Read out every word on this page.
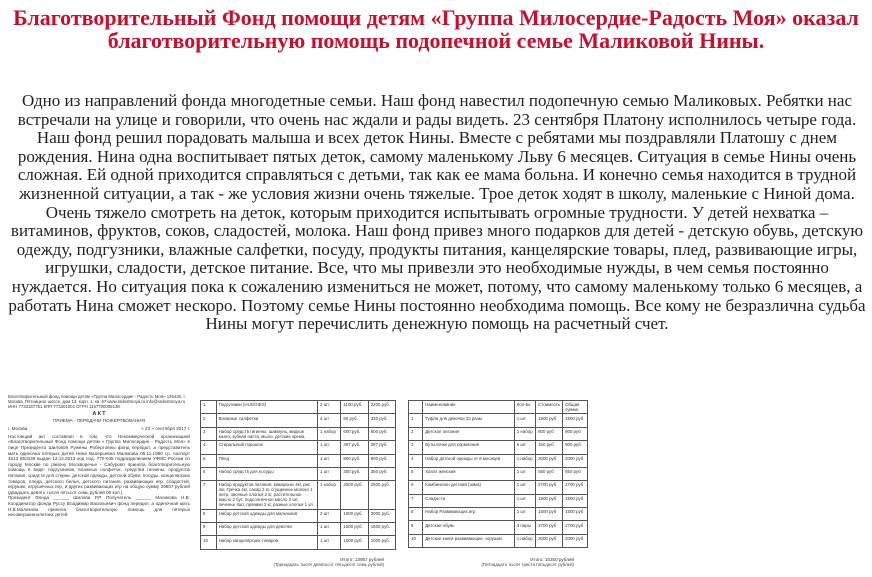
Благотворительный Фонд помощи детям «Группа Милосердие-Радость Моя» оказал благотворительную помощь подопечной семье Маликовой Нины.

Одно из направлений фонда многодетные семьи. Наш фонд навестил подопечную семью Маликовых. Ребятки нас встречали на улице и говорили, что очень нас ждали и рады видеть. 23 сентября Платону исполнилось четыре года. Наш фонд решил порадовать малыша и всех деток Нины. Вместе с ребятами мы поздравляли Платошу с днем рождения. Нина одна воспитывает пятых деток, самому маленькому Льву 6 месяцев. Ситуация в семье Нины очень сложная. Ей одной приходится справляться с детьми, так как ее мама больна. И конечно семья находится в трудной жизненной ситуации, а так - же условия жизни очень тяжелые. Трое деток ходят в школу, маленькие с Ниной дома. Очень тяжело смотреть на деток, которым приходится испытывать огромные трудности. У детей нехватка – витаминов, фруктов, соков, сладостей, молока. Наш фонд привез много подарков для детей - детскую обувь, детскую одежду, подгузники, влажные салфетки, посуду, продукты питания, канцелярские товары, плед, развивающие игры, игрушки, сладости, детское питание. Все, что мы привезли это необходимые нужды, в чем семья постоянно нуждается. Но ситуация пока к сожалению измениться не может, потому, что самому маленькому только 6 месяцев, а работать Нина сможет нескоро. Поэтому семье Нины постоянно необходима помощь. Все кому не безразлична судьба Нины могут перечислить денежную помощь на расчетный счет.

Благотворительный фонд помощи детям «Группа Милосердие - Радость Моя» 125430, г. Москва, Пятницкое шоссе, дом 13, корп. 1, кв. 67 www.radostmoya.ru info@radostmoya.ru ИНН 7733187761 КПП 773301001 ОГРН 1157700008138
А К Т
ПРИЕМА - ПЕРЕДАЧИ ПОЖЕРТВОВАНИЯ
г. Москва	« 23 » сентября 2017 г.

Настоящий акт составлен в том, что Некоммерческой организацией «Благотворительный Фонд помощи детям « Группа Милосердие - Радость Моя» в лице Президента Шиловой Ружены Робертовны фонд передал, а представитель мать одиночка пятерых детей Нина Валерьевна Маликова 05.11.1980 г.р. паспорт 4513 863449 выдан 13.12.2013 код под. 770-035 подразделением УФМС России по городу Москве по району Москворечье - Сабурово приняла благотворительную помощь в виде: подгузников, влажных салфеток, средства гигиены, продуктов питания, средств для стирки, детской одежды, детской обуви, посуды, канцелярских товаров, пледа, детского белья, детского питания, развивающих игр, сладостей, игрушек, игрушечных игр, и других развивающих игр на общую сумму 29507 рублей (двадцать девять тысяч пятьсот семь рублей 00 коп.)

Президент Фонда ______ Шилова Р.Р. Получатель ______ Маликова Н.В. Координатор фонда Руссу Владимир Васильевич фонд передал, а одиночная мать Н.В.Маликова приняла благотворительную помощь для пятерых несовершеннолетних детей.

1	Подгузники (HUGGIES)	2 шт.	1100 руб.	2200 руб.
2	Влажные салфетки	4 шт	80 руб.	320 руб.
3	Набор средств гигиены: шампунь, жидкое мыло, зубная паста, мыло, детские крема.	1 набор	600 руб.	600 руб.
4	Стиральный порошок	1 шт.	387 руб.	387 руб.
5	Плед	1 шт.	800 руб.	800 руб.
6	Набор средств для посуды	1 шт	350 руб.	350 руб.
7	Набор продуктов питания: макароны 4кг, рис 4кг, Гречка 4кг, сахар 2 кг, сгущенное молоко 1 литр, овсяные хлопья 2 кг, растительное масло 2 бут, подсолнечное масло 2 шт, печенье 4шт, пряники 2 кг, разные хлопья 1 уп	1 набор	2500 руб.	2500 руб.
8	Набор детской одежды для мальчиков	2 шт	1500 руб.	3000 руб.
9	Набор детской одежды для девочек	1 шт	1500 руб.	1500 руб.
10	Набор канцелярских товаров	1 шт	1000 руб.	1000 руб.
Итого: 13957 рублей
(Тринадцать тысяч девятьсот пятьдесят семь рублей)
	Наименование	Кол-во	Стоимость	Общая сумма
1	Туфли для девочки 33 разм	1 шт	1500 руб	1500 руб
2	Детское питание	1 набор	800 руб	800 руб
3	Бутылочки для кормления	6 шт	150 руб	900 руб
4	Набор детской одежды от 6 месяцев	1 набор	2000 руб	2000 руб
5	Халат женский	1 шт	550 руб	550 руб
6	Комбинезон детский (зима)	1 шт	2700 руб	2700 руб
7	Сладости	1 шт	1500 руб	1500 руб
8	Набор Развивающих игр	1 шт	1500 руб	1500 руб
9	Детская обувь	3 пары	2700 руб	2700 руб
10	Детские книги развивающие, игрушки	1 набор	2000 руб	2000 руб
Итого: 15350 рублей
(Пятнадцать тысяч триста пятьдесят рублей)
